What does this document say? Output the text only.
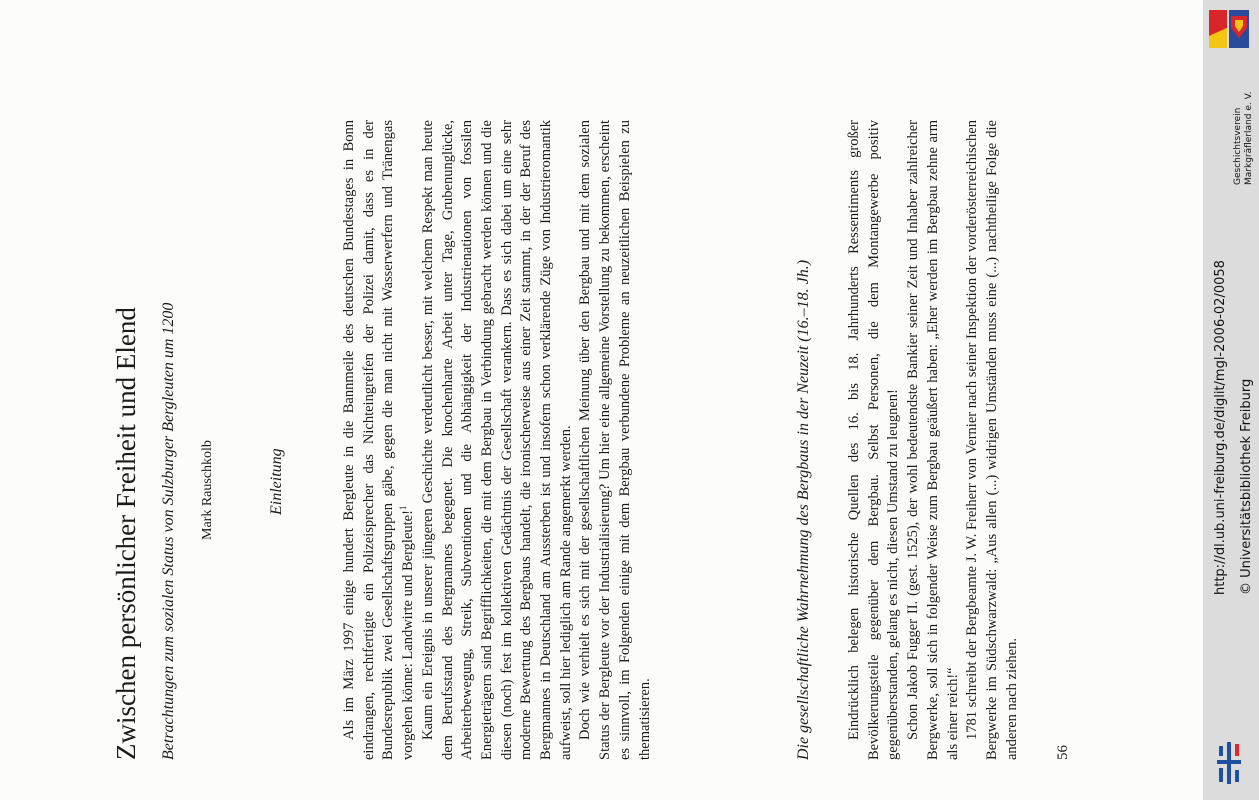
Zwischen persönlicher Freiheit und Elend Betrachtungen zum sozialen Status von Sulzburger Bergleuten um 1200 Mark Rauschkolb	Einleitung	Als im März 1997 einige hundert Bergleute in die Bannmeile des deutschen Bundestages in Bonn eindrangen, rechtfertigte ein Polizeisprecher das Nichteingreifen der Polizei damit, dass es in der Bundesrepublik zwei Gesellschaftsgruppen gäbe, gegen die man nicht mit Wasserwerfern und Tränengas vorgehen könne: Landwirte und Bergleute!$^1$ Kaum ein Ereignis in unserer jüngeren Geschichte verdeutlicht besser, mit welchem Respekt man heute dem Berufsstand des Bergmannes begegnet. Die knochenharte Arbeit unter Tage, Grubenunglücke, Arbeiterbewegung, Streik, Subventionen und die Abhängigkeit der Industrienationen von fossilen Energieträgern sind Begrifflichkeiten, die mit dem Bergbau in Verbindung gebracht werden können und die diesen (noch) fest im kollektiven Gedächtnis der Gesellschaft verankern. Dass es sich dabei um eine sehr moderne Bewertung des Bergbaus handelt, die ironischerweise aus einer Zeit stammt, in der der Beruf des Bergmannes in Deutschland am Aussterben ist und insofern schon verklärende Züge von Industrieromantik aufweist, soll hier lediglich am Rande angemerkt werden. Doch wie verhielt es sich mit der gesellschaftlichen Meinung über den Bergbau und mit dem sozialen Status der Bergleute vor der Industrialisierung? Um hier eine allgemeine Vorstellung zu bekommen, erscheint es sinnvoll, im Folgenden einige mit dem Bergbau verbundene Probleme an neuzeitlichen Beispielen zu thematisieren.	Die gesellschaftliche Wahrnehmung des Bergbaus in der Neuzeit (16.–18. Jh.) Eindrücklich belegen historische Quellen des 16. bis 18. Jahrhunderts Ressentiments großer Bevölkerungsteile gegenüber dem Bergbau. Selbst Personen, die dem Montangewerbe positiv gegenüberstanden, gelang es nicht, diesen Umstand zu leugnen! Schon Jakob Fugger II. (gest. 1525), der wohl bedeutendste Bankier seiner Zeit und Inhaber zahlreicher Bergwerke, soll sich in folgender Weise zum Bergbau geäußert haben: „Eher werden im Bergbau zehne arm als einer reich!“ 1781 schreibt der Bergbeamte J. W. Freiherr von Vernier nach seiner Inspektion der vorderösterreichischen Bergwerke im Südschwarzwald: „Aus allen (...) widrigen Umständen muss eine (...) nachtheilige Folge die anderen nach ziehen. 56
Geschichtsverein Markgräflerland e. V.
http://dl.ub.uni-freiburg.de/diglit/mgl-2006-02/0058 © Universitätsbibliothek Freiburg
